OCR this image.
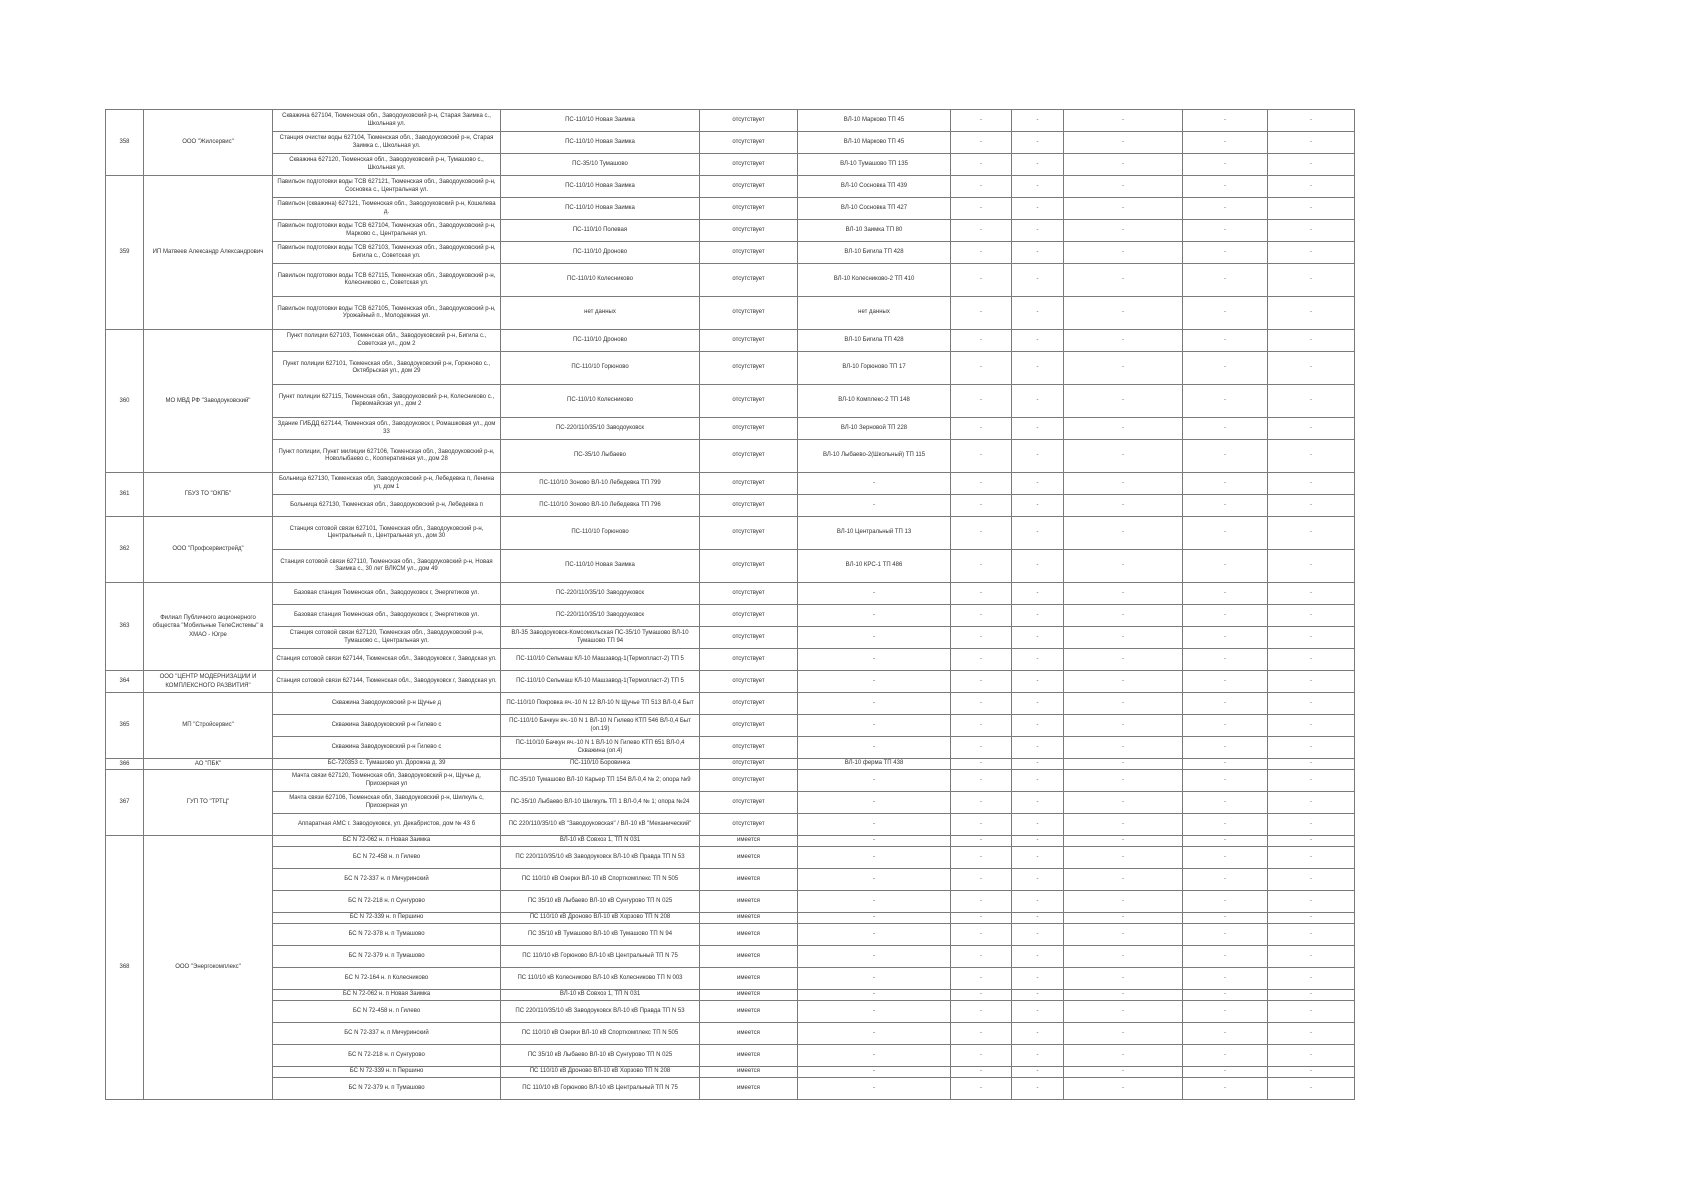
358	ООО "Жилсервис"	Скважина 627104, Тюменская обл., Заводоуковский р-н, Старая Заимка с., Школьная ул.	ПС-110/10 Новая Заимка	отсутствует	ВЛ-10 Марково ТП 45	-	-	-	-	-
		Станция очистки воды 627104, Тюменская обл., Заводоуковский р-н, Старая Заимка с., Школьная ул.	ПС-110/10 Новая Заимка	отсутствует	ВЛ-10 Марково ТП 45	-	-	-	-	-
		Скважина 627120, Тюменская обл., Заводоуковский р-н, Тумашово с., Школьная ул.	ПС-35/10 Тумашово	отсутствует	ВЛ-10 Тумашово ТП 135	-	-	-	-	-
359	ИП Матвеев Александр Александрович	Павильон подготовки воды ТСВ 627121, Тюменская обл., Заводоуковский р-н, Сосновка с., Центральная ул.	ПС-110/10 Новая Заимка	отсутствует	ВЛ-10 Сосновка ТП 439	-	-	-	-	-
		Павильон (скважина) 627121, Тюменская обл., Заводоуковский р-н, Кошелева д.	ПС-110/10 Новая Заимка	отсутствует	ВЛ-10 Сосновка ТП 427	-	-	-	-	-
		Павильон подготовки воды ТСВ 627104, Тюменская обл., Заводоуковский р-н, Марково с., Центральная ул.	ПС-110/10 Полевая	отсутствует	ВЛ-10 Заимка ТП 80	-	-	-	-	-
		Павильон подготовки воды ТСВ 627103, Тюменская обл., Заводоуковский р-н, Бигила с., Советская ул.	ПС-110/10 Дроново	отсутствует	ВЛ-10 Бигила ТП 428	-	-	-	-	-
		Павильон подготовки воды ТСВ 627115, Тюменская обл., Заводоуковский р-н, Колесниково с., Советская ул.	ПС-110/10 Колесниково	отсутствует	ВЛ-10 Колесниково-2 ТП 410	-	-	-	-	-
		Павильон подготовки воды ТСВ 627105, Тюменская обл., Заводоуковский р-н, Урожайный п., Молодежная ул.	нет данных	отсутствует	нет данных	-	-	-	-	-
360	МО МВД РФ "Заводоуковский"	Пункт полиции 627103, Тюменская обл., Заводоуковский р-н, Бигила с., Советская ул., дом 2	ПС-110/10 Дроново	отсутствует	ВЛ-10 Бигила ТП 428	-	-	-	-	-
		Пункт полиции 627101, Тюменская обл., Заводоуковский р-н, Горюново с., Октябрьская ул., дом 29	ПС-110/10 Горюново	отсутствует	ВЛ-10 Горюново ТП 17	-	-	-	-	-
		Пункт полиции 627115, Тюменская обл., Заводоуковский р-н, Колесниково с., Первомайская ул., дом 2	ПС-110/10 Колесниково	отсутствует	ВЛ-10 Комплекс-2 ТП 148	-	-	-	-	-
		Здание ГИБДД 627144, Тюменская обл., Заводоуковск г, Ромашковая ул., дом 33	ПС-220/110/35/10 Заводоуковск	отсутствует	ВЛ-10 Зерновой ТП 228	-	-	-	-	-
		Пункт полиции, Пункт милиции 627106, Тюменская обл., Заводоуковский р-н, Новолыбаево с., Кооперативная ул., дом 28	ПС-35/10 Лыбаево	отсутствует	ВЛ-10 Лыбаево-2(Школьный) ТП 115	-	-	-	-	-
361	ГБУЗ ТО "ОКПБ"	Больница 627130, Тюменская обл, Заводоуковский р-н, Лебедевка п, Ленина ул, дом 1	ПС-110/10 Зоново ВЛ-10 Лебедевка ТП 799	отсутствует	-	-	-	-	-	-
		Больница 627130, Тюменская обл., Заводоуковский р-н, Лебедевка п	ПС-110/10 Зоново ВЛ-10 Лебедевка ТП 796	отсутствует	-	-	-	-	-	-
362	ООО "Профсервистрейд"	Станция сотовой связи 627101, Тюменская обл., Заводоуковский р-н, Центральный п., Центральная ул., дом 30	ПС-110/10 Горюново	отсутствует	ВЛ-10 Центральный ТП 13	-	-	-	-	-
		Станция сотовой связи 627110, Тюменская обл., Заводоуковский р-н, Новая Заимка с., 30 лет ВЛКСМ ул., дом 49	ПС-110/10 Новая Заимка	отсутствует	ВЛ-10 КРС-1 ТП 486	-	-	-	-	-
363	Филиал Публичного акционерного общества "Мобильные ТелеСистемы" в ХМАО - Югре	Базовая станция Тюменская обл., Заводоуковск г, Энергетиков ул.	ПС-220/110/35/10 Заводоуковск	отсутствует	-	-	-	-	-	-
		Базовая станция Тюменская обл., Заводоуковск г, Энергетиков ул.	ПС-220/110/35/10 Заводоуковск	отсутствует	-	-	-	-	-	-
		Станция сотовой связи 627120, Тюменская обл., Заводоуковский р-н, Тумашово с., Центральная ул.	ВЛ-35 Заводоуковск-Комсомольская ПС-35/10 Тумашово ВЛ-10 Тумашово ТП 94	отсутствует	-	-	-	-	-	-
		Станция сотовой связи 627144, Тюменская обл., Заводоуковск г, Заводская ул.	ПС-110/10 Сельмаш КЛ-10 Машзавод-1(Термопласт-2) ТП 5	отсутствует	-	-	-	-	-	-
364	ООО "ЦЕНТР МОДЕРНИЗАЦИИ И КОМПЛЕКСНОГО РАЗВИТИЯ"	Станция сотовой связи 627144, Тюменская обл., Заводоуковск г, Заводская ул.	ПС-110/10 Сельмаш КЛ-10 Машзавод-1(Термопласт-2) ТП 5	отсутствует	-	-	-	-	-	-
365	МП "Стройсервис"	Скважина Заводоуковский р-н Щучье д	ПС-110/10 Покровка яч.-10 N 12 ВЛ-10 N Щучье ТП 513 ВЛ-0,4 Быт	отсутствует	-	-	-	-	-	-
		Скважина Заводоуковский р-н Гилево с	ПС-110/10 Бачкун яч.-10 N 1 ВЛ-10 N Гилево КТП 546 ВЛ-0,4 Быт (оп.19)	отсутствует	-	-	-	-	-	-
		Скважина Заводоуковский р-н Гилево с	ПС-110/10 Бачкун яч.-10 N 1 ВЛ-10 N Гилево КТП 651 ВЛ-0,4 Скважина (оп.4)	отсутствует	-	-	-	-	-	-
366	АО "ПБК"	БС-720353 с. Тумашово ул. Дорожна д. 39	ПС-110/10 Боровинка	отсутствует	ВЛ-10 ферма ТП 438	-	-	-	-	-
367	ГУП ТО "ТРТЦ"	Мачта связи 627120, Тюменская обл, Заводоуковский р-н, Щучье д, Приозерная ул	ПС-35/10 Тумашово ВЛ-10 Карьер ТП 154 ВЛ-0,4 № 2; опора №9	отсутствует	-	-	-	-	-	-
		Мачта связи 627106, Тюменская обл, Заводоуковский р-н, Шилкуль с, Приозерная ул	ПС-35/10 Лыбаево ВЛ-10 Шилкуль ТП 1 ВЛ-0,4 № 1; опора №24	отсутствует	-	-	-	-	-	-
		Аппаратная АМС г. Заводоуковск, ул. Декабристов, дом № 43 б	ПС 220/110/35/10 кВ "Заводоуковская" / ВЛ-10 кВ "Механический"	отсутствует	-	-	-	-	-	-
368	ООО "Энергокомплекс"	БС N 72-062 н. п Новая Заимка	ВЛ-10 кВ Совхоз 1, ТП N 031	имеется	-	-	-	-	-	-
		БС N 72-458 н. п Гилево	ПС 220/110/35/10 кВ Заводоуковск ВЛ-10 кВ Правда ТП N 53	имеется	-	-	-	-	-	-
		БС N 72-337 н. п Мичуринский	ПС 110/10 кВ Озерки ВЛ-10 кВ Спорткомплекс ТП N 505	имеется	-	-	-	-	-	-
		БС N 72-218 н. п Сунгурово	ПС 35/10 кВ Лыбаево ВЛ-10 кВ Сунгурово ТП N 025	имеется	-	-	-	-	-	-
		БС N 72-339 н. п Першино	ПС 110/10 кВ Дроново ВЛ-10 кВ Хорзово ТП N 208	имеется	-	-	-	-	-	-
		БС N 72-378 н. п Тумашово	ПС 35/10 кВ Тумашово ВЛ-10 кВ Тумашово ТП N 94	имеется	-	-	-	-	-	-
		БС N 72-379 н. п Тумашово	ПС 110/10 кВ Горюново ВЛ-10 кВ Центральный ТП N 75	имеется	-	-	-	-	-	-
		БС N 72-164 н. п Колесниково	ПС 110/10 кВ Колесниково ВЛ-10 кВ Колесниково ТП N 003	имеется	-	-	-	-	-	-
		БС N 72-062 н. п Новая Заимка	ВЛ-10 кВ Совхоз 1, ТП N 031	имеется	-	-	-	-	-	-
		БС N 72-458 н. п Гилево	ПС 220/110/35/10 кВ Заводоуковск ВЛ-10 кВ Правда ТП N 53	имеется	-	-	-	-	-	-
		БС N 72-337 н. п Мичуринский	ПС 110/10 кВ Озерки ВЛ-10 кВ Спорткомплекс ТП N 505	имеется	-	-	-	-	-	-
		БС N 72-218 н. п Сунгурово	ПС 35/10 кВ Лыбаево ВЛ-10 кВ Сунгурово ТП N 025	имеется	-	-	-	-	-	-
		БС N 72-339 н. п Першино	ПС 110/10 кВ Дроново ВЛ-10 кВ Хорзово ТП N 208	имеется	-	-	-	-	-	-
		БС N 72-379 н. п Тумашово	ПС 110/10 кВ Горюново ВЛ-10 кВ Центральный ТП N 75	имеется	-	-	-	-	-	-
